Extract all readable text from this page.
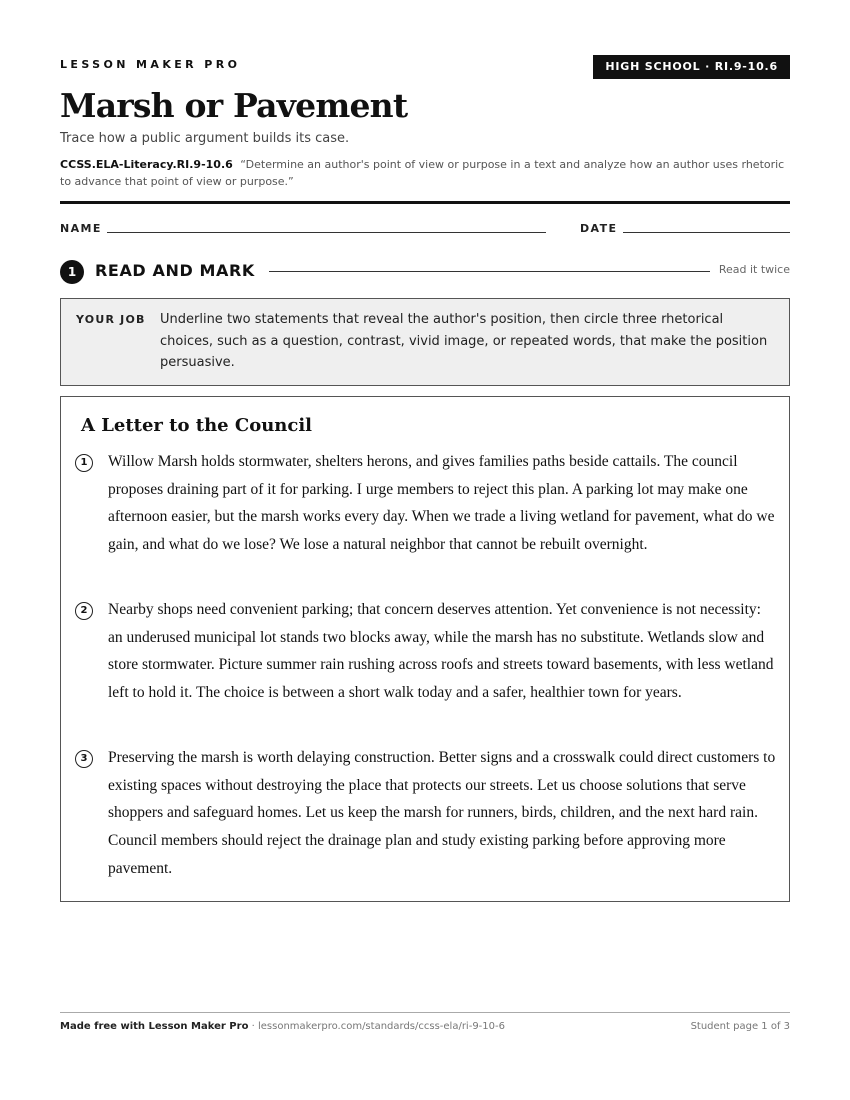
LESSON MAKER PRO	HIGH SCHOOL · RI.9-10.6
Marsh or Pavement
Trace how a public argument builds its case.
CCSS.ELA-Literacy.RI.9-10.6 “Determine an author's point of view or purpose in a text and analyze how an author uses rhetoric to advance that point of view or purpose.”
NAME	DATE
1	READ AND MARK	Read it twice
YOUR JOB Underline two statements that reveal the author's position, then circle three rhetorical choices, such as a question, contrast, vivid image, or repeated words, that make the position persuasive.
A Letter to the Council
1	Willow Marsh holds stormwater, shelters herons, and gives families paths beside cattails. The council proposes draining part of it for parking. I urge members to reject this plan. A parking lot may make one afternoon easier, but the marsh works every day. When we trade a living wetland for pavement, what do we gain, and what do we lose? We lose a natural neighbor that cannot be rebuilt overnight.

2	Nearby shops need convenient parking; that concern deserves attention. Yet convenience is not necessity: an underused municipal lot stands two blocks away, while the marsh has no substitute. Wetlands slow and store stormwater. Picture summer rain rushing across roofs and streets toward basements, with less wetland left to hold it. The choice is between a short walk today and a safer, healthier town for years.

3	Preserving the marsh is worth delaying construction. Better signs and a crosswalk could direct customers to existing spaces without destroying the place that protects our streets. Let us choose solutions that serve shoppers and safeguard homes. Let us keep the marsh for runners, birds, children, and the next hard rain. Council members should reject the drainage plan and study existing parking before approving more pavement.

Made free with Lesson Maker Pro · lessonmakerpro.com/standards/ccss-ela/ri-9-10-6	Student page 1 of 3
